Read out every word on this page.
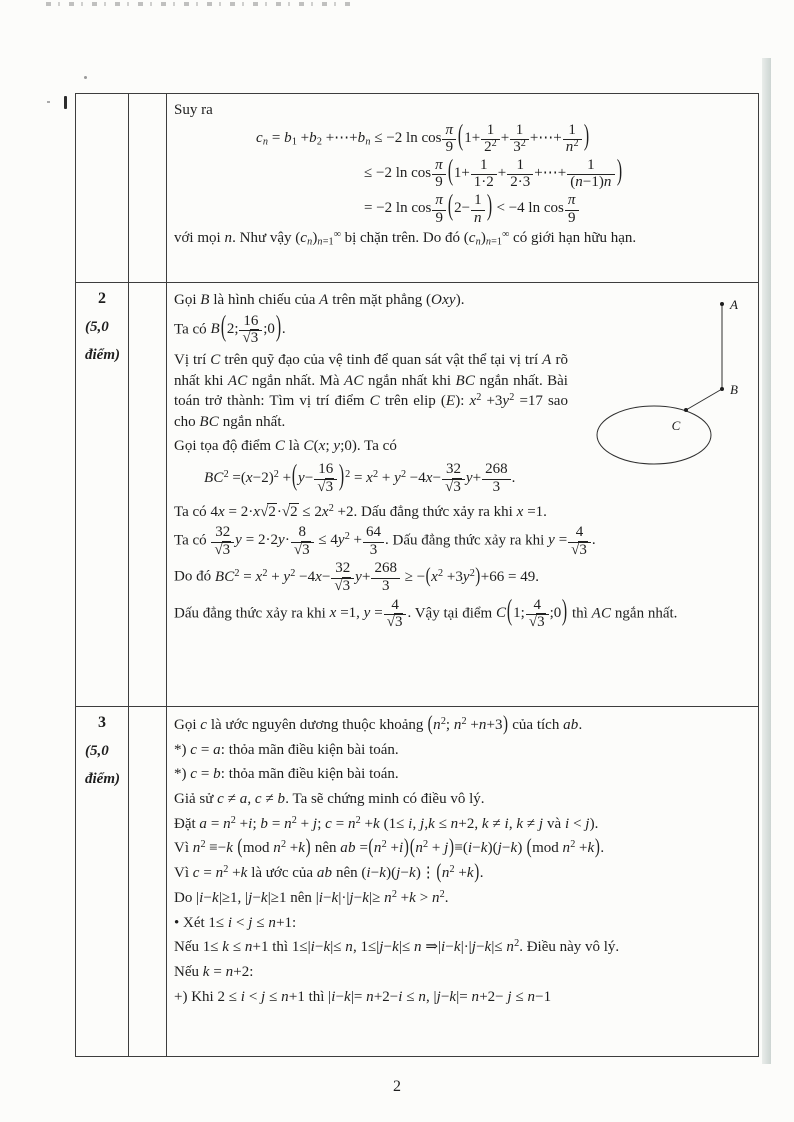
Suy ra
$c_n = b_1 +b_2$ $+\cdots+b_n \le -2$ $\ln \cos \frac{\pi}{9} (1+ \frac{1}{2^2} + \frac{1}{3^2}$ +⋯+ $\frac{1}{n^2}$ )
≤ −2 $\ln \cos \frac{\pi}{9} (1+ \frac{1}{1\cdot 2} + \frac{1}{2\cdot 3}$ +⋯+ $\frac{1}{(n-1)n}$ )
= −2 $\ln \cos \frac{\pi}{9} (2- \frac{1}{n}$ ) < −4 $\ln \cos \frac{\pi}{9}$
với mọi n. Như vậy $(c_n)_{n=1}^\infty$ bị chặn trên. Do đó $(c_n)_{n=1}^\infty$ có giới hạn hữu hạn.
2
(5,0
điểm)
A
B
C
Gọi B là hình chiếu của A trên mặt phẳng (Oxy).
Ta có B(2; $\frac{16}{√3}$ ;0).
Vị trí C trên quỹ đạo của vệ tinh để quan sát vật thể tại vị trí A rõ nhất khi AC ngắn nhất. Mà AC ngắn nhất khi BC ngắn nhất. Bài toán trở thành: Tìm vị trí điểm C trên elip (E): $x^2 +3y^2 =17$ sao cho BC ngắn nhất.
Gọi tọa độ điểm C là C(x; y;0). Ta có
$BC^2 =(x-2)^2 +(y- \frac{16}{√3} )^2 = x^2 + y^2 -4x- \frac{32}{√3} y+ \frac{268}{3}$ .
Ta có $4x = 2\cdot x√2\cdot√2 \le 2x^2 +2$. Dấu đẳng thức xảy ra khi x =1.
Ta có $\frac{32}{√3}$ $y = 2\cdot 2y\cdot \frac{8}{√3} \le 4y^2 + \frac{64}{3}$ . Dấu đẳng thức xảy ra khi $y = \frac{4}{√3}$ .
Do đó $BC^2 = x^2 + y^2 -4x- \frac{32}{√3} y+ \frac{268}{3} \ge -(x^2 +3y^2)+66 = 49$.
Dấu đẳng thức xảy ra khi x =1, $y = \frac{4}{√3}$ . Vậy tại điểm C(1; $\frac{4}{√3}$ ;0) thì AC ngắn nhất.
3
(5,0
điểm)
Gọi c là ước nguyên dương thuộc khoảng ($n^2$; $n^2 +n+3$) của tích ab.
*) c = a: thỏa mãn điều kiện bài toán.
*) c = b: thỏa mãn điều kiện bài toán.
Giả sử c ≠ a, c ≠ b. Ta sẽ chứng minh có điều vô lý.
Đặt $a = n^2 +i$; $b = n^2 + j$; $c = n^2 +k$ (1≤ i, j,k ≤ n+2, k ≠ i, k ≠ j và i < j).
Vì $n^2 \equiv-k$ (mod $n^2 +k$) nên ab $=(n^2 +i)(n^2 + j)\equiv(i-k)(j-k)$ (mod $n^2 +k$).
Vì $c = n^2 +k$ là ước của ab nên $(i-k)(j-k)⋮(n^2 +k)$.
Do |i−k|≥1, |j−k|≥1 nên $|i-k|\cdot|j-k|\ge n^2 +k > n^2$.
• Xét 1≤ i < j ≤ n+1:
Nếu 1≤ k ≤ n+1 thì 1≤|i−k|≤ n, 1≤|j−k|≤ n ⇒|i−k|·|j−k|≤ $n^2$. Điều này vô lý.
Nếu k = n+2:
+) Khi 2 ≤ i < j ≤ n+1 thì |i−k|= n+2−i ≤ n, |j−k|= n+2− j ≤ n−1
2
